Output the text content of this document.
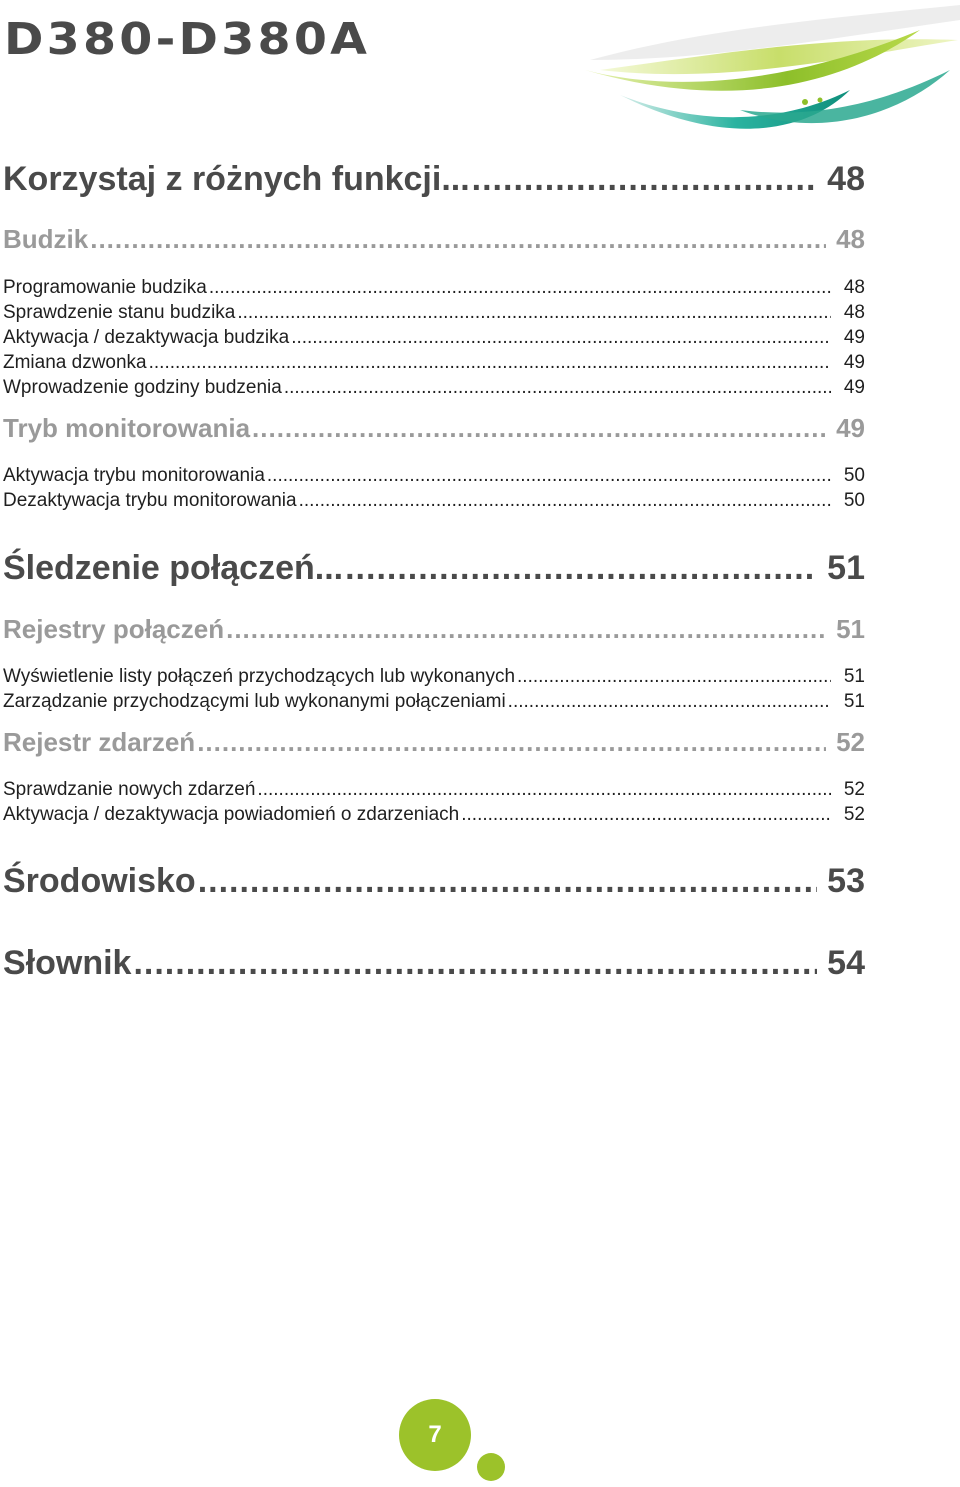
D380-D380A
Korzystaj z różnych funkcji... .....	48
Budzik .....	48
Programowanie budzika .....	48
Sprawdzenie stanu budzika .....	48
Aktywacja / dezaktywacja budzika .....	49
Zmiana dzwonka .....	49
Wprowadzenie godziny budzenia .....	49
Tryb monitorowania .....	49
Aktywacja trybu monitorowania .....	50
Dezaktywacja trybu monitorowania .....	50
Śledzenie połączeń... .....	51
Rejestry połączeń .....	51
Wyświetlenie listy połączeń przychodzących lub wykonanych .....	51
Zarządzanie przychodzącymi lub wykonanymi połączeniami .....	51
Rejestr zdarzeń .....	52
Sprawdzanie nowych zdarzeń .....	52
Aktywacja / dezaktywacja powiadomień o zdarzeniach .....	52
Środowisko .....	53
Słownik .....	54
7
